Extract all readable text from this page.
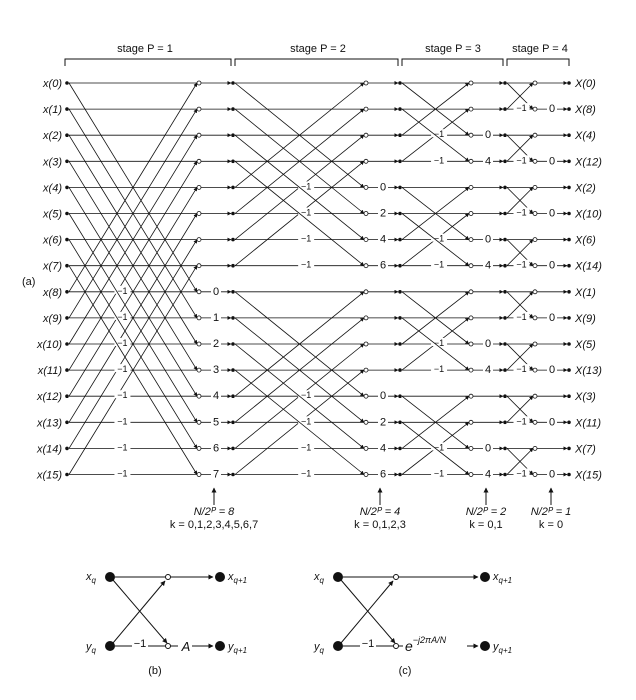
−1	0
−1	1
−1	2
−1	3
−1	4
−1	5
−1	6
−1	7
−1	0
−1	2
−1	4
−1	6
−1	0
−1	2
−1	4
−1	6
−1	0
−1	4
−1	0
−1	4
−1	0
−1	4
−1	0
−1	4
−1 0
−1 0
−1 0
−1 0
−1 0
−1 0
−1 0
−1 0
x(0)
x(1)
x(2)
x(3)
x(4)
x(5)
x(6)
x(7)
x(8)
x(9)
x(10)
x(11)
x(12)
x(13)
x(14)
x(15)
X(0)
X(8)
X(4)
X(12)
X(2)
X(10)
X(6)
X(14)
X(1)
X(9)
X(5)
X(13)
X(3)
X(11)
X(7)
X(15)
(a)
stage P = 1	stage P = 2	stage P = 3	stage P = 4
N/2ᴾ = 8
k = 0,1,2,3,4,5,6,7
N/2ᴾ = 4
k = 0,1,2,3
N/2ᴾ = 2
k = 0,1
N/2ᴾ = 1
k = 0
−1	A
$x_q$
$y_q$
$x_{q+1}$
$y_{q+1}$
(b)
−1 $e^{-j2\pi A/N}$
$x_q$
$y_q$
$x_{q+1}$
$y_{q+1}$
(c)
